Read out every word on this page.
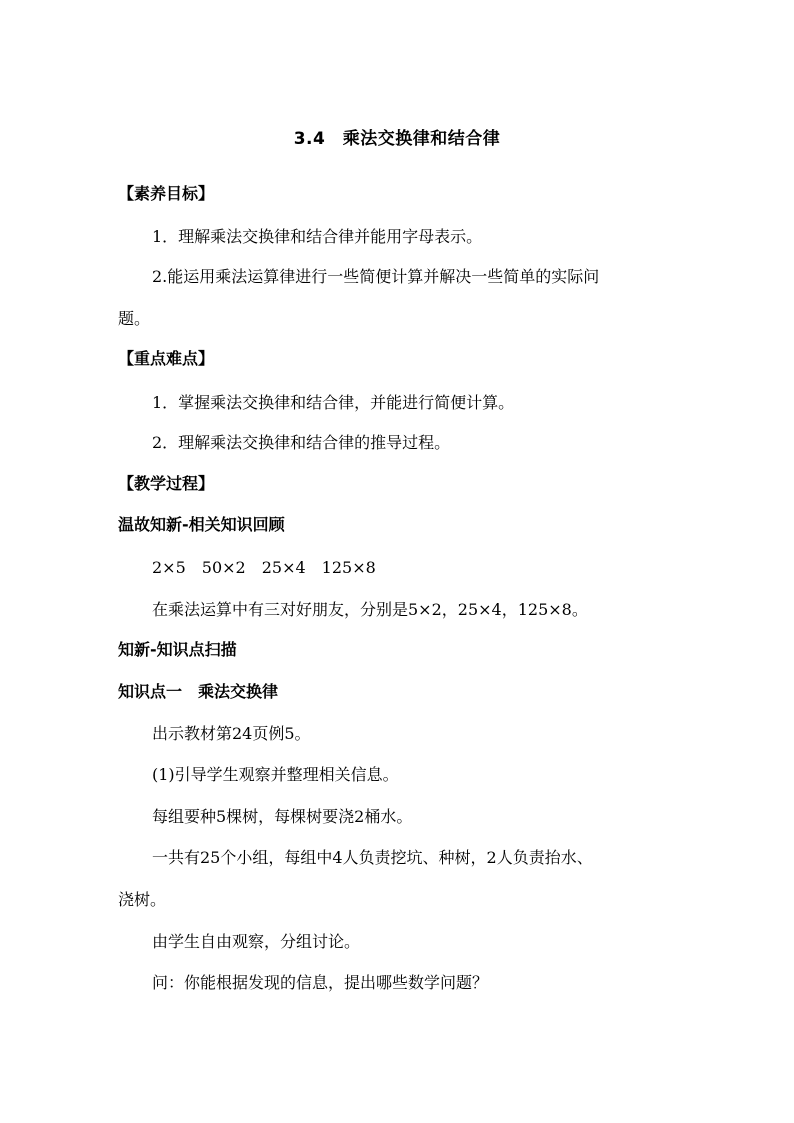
3.4　乘法交换律和结合律
【素养目标】
1．理解乘法交换律和结合律并能用字母表示。
2.能运用乘法运算律进行一些简便计算并解决一些简单的实际问
题。
【重点难点】
1．掌握乘法交换律和结合律，并能进行简便计算。
2．理解乘法交换律和结合律的推导过程。
【教学过程】
温故知新-相关知识回顾
2×5　50×2　25×4　125×8
在乘法运算中有三对好朋友，分别是5×2，25×4，125×8。
知新-知识点扫描
知识点一　乘法交换律
出示教材第24页例5。
(1)引导学生观察并整理相关信息。
每组要种5棵树，每棵树要浇2桶水。
一共有25个小组，每组中4人负责挖坑、种树，2人负责抬水、
浇树。
由学生自由观察，分组讨论。
问：你能根据发现的信息，提出哪些数学问题？
